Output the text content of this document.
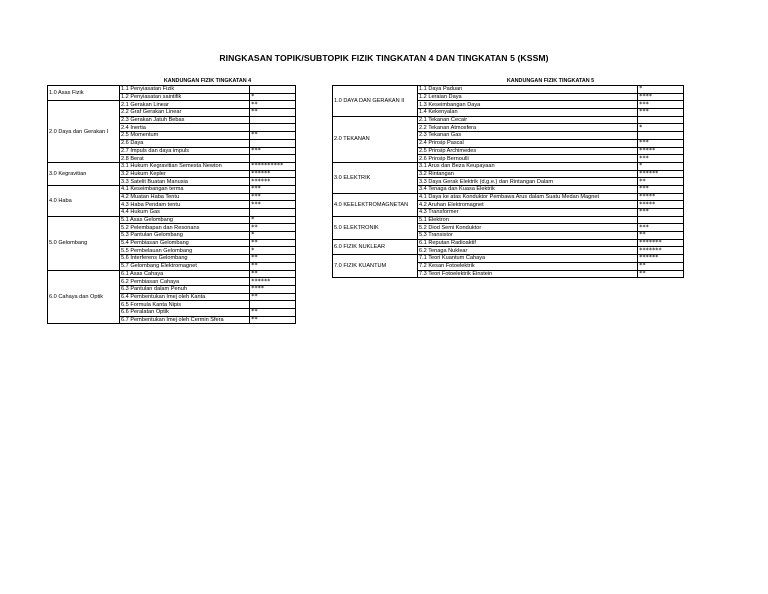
RINGKASAN TOPIK/SUBTOPIK FIZIK TINGKATAN 4 DAN TINGKATAN 5 (KSSM)
	KANDUNGAN FIZIK TINGKATAN 4	
1.0 Asas Fizik	1.1 Penyiasatan Fizik	
	1.2 Penyiasatan saintifik	*
2.0 Daya dan Gerakan I	2.1 Gerakan Linear	**
	2.2 Graf Gerakan Linear	**
	2.3 Gerakan Jatuh Bebas	
	2.4 Inertia	
	2.5 Momentum	**
	2.6 Daya	
	2.7 Impuls dan daya impuls	***
	2.8 Berat	
3.0 Kegravitian	3.1 Hukum Kegravitian Semesta Newton	**********
	3.2 Hukum Kepler	******
	3.3 Satelit Buatan Manusia	******
4.0 Haba	4.1 Keseimbangan terma	***
	4.2 Muatan Haba Tentu	***
	4.3 Haba Pendam tentu	***
	4.4 Hukum Gas	
5.0 Gelombang	5.1 Asas Gelombang	*
	5.2 Pelembapan dan Resonans	**
	5.3 Pantulan Gelombang	*
	5.4 Pembiasan Gelombang	**
	5.5 Pembelauan Gelombang	*
	5.6 Interferens Gelombang	**
	5.7 Gelombang Elektromagnet	**
6.0 Cahaya dan Optik	6.1 Asas Cahaya	**
	6.2 Pembiasan Cahaya	******
	6.3 Pantulan dalam Penuh	****
	6.4 Pembentukan Imej oleh Kanta	**
	6.5 Formula Kanta Nipis	
	6.6 Peralatan Optik	**
	6.7 Pembentukan Imej oleh Cermin Sfera	**
	KANDUNGAN FIZIK TINGKATAN 5	
1.0 DAYA DAN GERAKAN II	1.1 Daya Paduan	*
	1.2 Leraian Daya	****
	1.3 Keseimbangan Daya	***
	1.4 Kekenyalan	***
2.0 TEKANAN	2.1 Tekanan Cecair	
	2.2 Tekanan Atmosfera	*
	2.3 Tekanan Gas	
	2.4 Prinsip Pascal	***
	2.5 Prinsip Archimedes	*****
	2.6 Prinsip Bernoulli	***
3.0 ELEKTRIK	3.1 Arus dan Beza Keupayaan	*
	3.2 Rintangan	******
	3.3 Daya Gerak Elektrik (d.g.e.) dan Rintangan Dalam	**
	3.4 Tenaga dan Kuasa Elektrik	***
4.0 KEELEKTROMAGNETAN	4.1 Daya ke atas Konduktor Pembawa Arus dalam Suatu Medan Magnet	*****
	4.2 Aruhan Elektromagnet	*****
	4.3 Transformer	***
5.0 ELEKTRONIK	5.1 Elektron	
	5.2 Diod Semi Konduktor	***
	5.3 Transistor	**
6.0 FIZIK NUKLEAR	6.1 Reputan Radioaktif	*******
	6.2 Tenaga Nuklear	*******
7.0 FIZIK KUANTUM	7.1 Teori Kuantum Cahaya	******
	7.2 Kesan Fotoelektrik	**
	7.3 Teori Fotoelektrik Einstein	**
